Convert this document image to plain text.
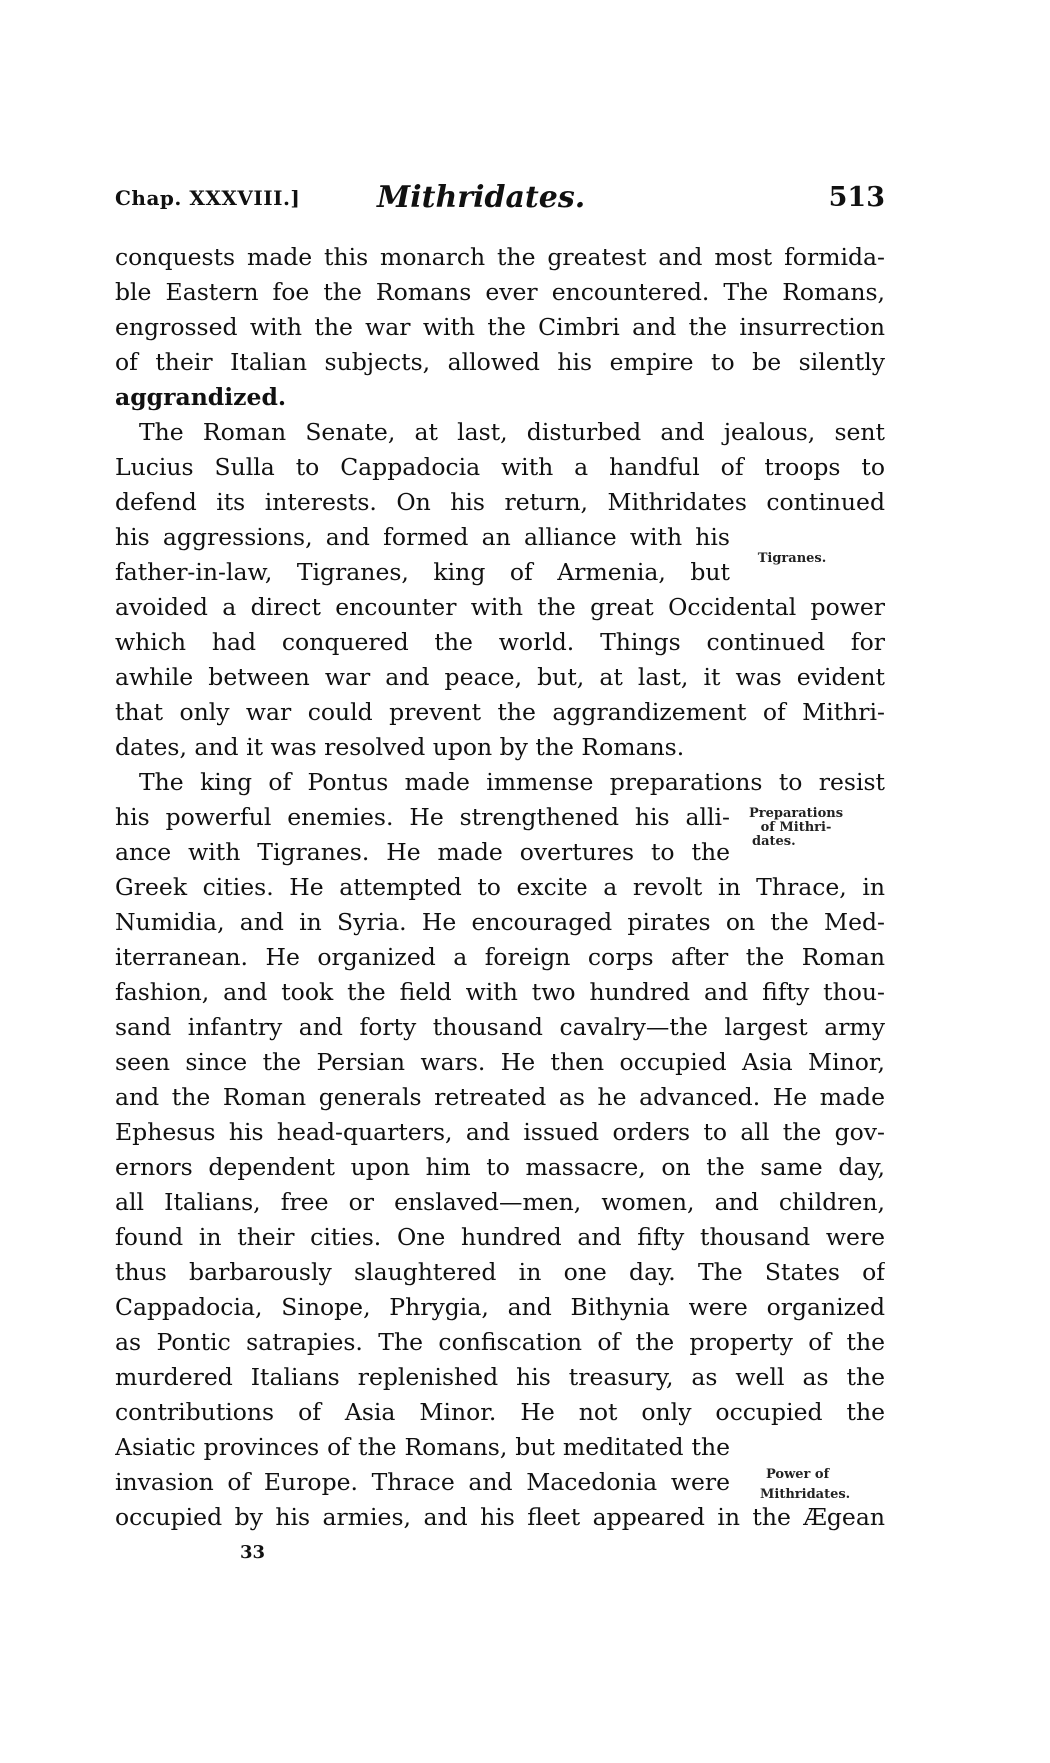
Chap. XXXVIII.]	Mithridates.	513
conquests made this monarch the greatest and most formida-
ble Eastern foe the Romans ever encountered. The Romans,
engrossed with the war with the Cimbri and the insurrection
of their Italian subjects, allowed his empire to be silently
aggrandized.
The Roman Senate, at last, disturbed and jealous, sent
Lucius Sulla to Cappadocia with a handful of troops to
defend its interests. On his return, Mithridates continued
his aggressions, and formed an alliance with his
father-in-law, Tigranes, king of Armenia, but
avoided a direct encounter with the great Occidental power
which had conquered the world. Things continued for
awhile between war and peace, but, at last, it was evident
that only war could prevent the aggrandizement of Mithri-
dates, and it was resolved upon by the Romans.
The king of Pontus made immense preparations to resist
his powerful enemies. He strengthened his alli-
ance with Tigranes. He made overtures to the
Greek cities. He attempted to excite a revolt in Thrace, in
Numidia, and in Syria. He encouraged pirates on the Med-
iterranean. He organized a foreign corps after the Roman
fashion, and took the field with two hundred and fifty thou-
sand infantry and forty thousand cavalry—the largest army
seen since the Persian wars. He then occupied Asia Minor,
and the Roman generals retreated as he advanced. He made
Ephesus his head-quarters, and issued orders to all the gov-
ernors dependent upon him to massacre, on the same day,
all Italians, free or enslaved—men, women, and children,
found in their cities. One hundred and fifty thousand were
thus barbarously slaughtered in one day. The States of
Cappadocia, Sinope, Phrygia, and Bithynia were organized
as Pontic satrapies. The confiscation of the property of the
murdered Italians replenished his treasury, as well as the
contributions of Asia Minor. He not only occupied the
Asiatic provinces of the Romans, but meditated the
invasion of Europe. Thrace and Macedonia were
occupied by his armies, and his fleet appeared in the Ægean
Tigranes.
Preparations
of Mithri-
dates.
Power of
Mithridates.
33
